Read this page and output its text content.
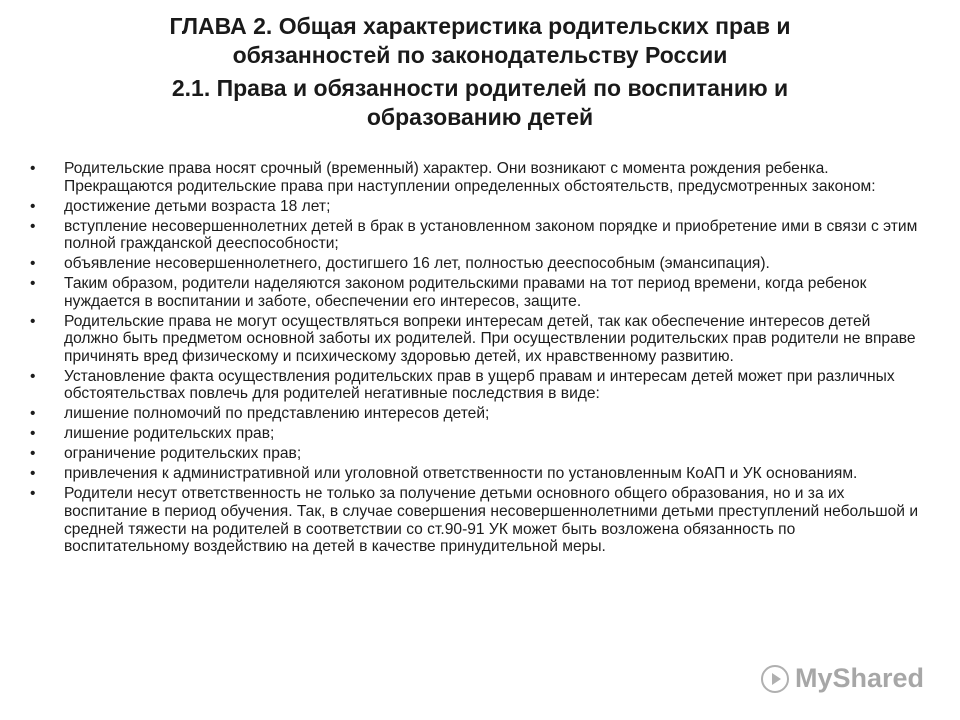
ГЛАВА 2. Общая характеристика родительских прав и
обязанностей по законодательству России
2.1. Права и обязанности родителей по воспитанию и
образованию детей
•	Родительские права носят срочный (временный) характер. Они возникают с момента рождения ребенка. Прекращаются родительские права при наступлении определенных обстоятельств, предусмотренных законом:
•	достижение детьми возраста 18 лет;
•	вступление несовершеннолетних детей в брак в установленном законом порядке и приобретение ими в связи с этим полной гражданской дееспособности;
•	объявление несовершеннолетнего, достигшего 16 лет, полностью дееспособным (эмансипация).
•	Таким образом, родители наделяются законом родительскими правами на тот период времени, когда ребенок нуждается в воспитании и заботе, обеспечении его интересов, защите.
•	Родительские права не могут осуществляться вопреки интересам детей, так как обеспечение интересов детей должно быть предметом основной заботы их родителей. При осуществлении родительских прав родители не вправе причинять вред физическому и психическому здоровью детей, их нравственному развитию.
•	Установление факта осуществления родительских прав в ущерб правам и интересам детей может при различных обстоятельствах повлечь для родителей негативные последствия в виде:
•	лишение полномочий по представлению интересов детей;
•	лишение родительских прав;
•	ограничение родительских прав;
•	привлечения к административной или уголовной ответственности по установленным КоАП и УК основаниям.
•	Родители несут ответственность не только за получение детьми основного общего образования, но и за их воспитание в период обучения. Так, в случае совершения несовершеннолетними детьми преступлений небольшой и средней тяжести на родителей в соответствии со ст.90-91 УК может быть возложена обязанность по воспитательному воздействию на детей в качестве принудительной меры.
MyShared
